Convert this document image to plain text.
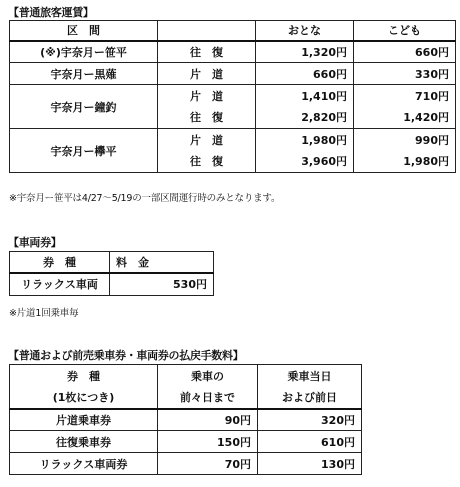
【普通旅客運賃】
区　間		おとな	こども
(※)宇奈月ー笹平	往　復	1,320円	660円
宇奈月ー黒薙	片　道	660円	330円
宇奈月ー鐘釣	片　道	1,410円	710円
	往　復	2,820円	1,420円
宇奈月ー欅平	片　道	1,980円	990円
	往　復	3,960円	1,980円
※宇奈月ー笹平は4/27〜5/19の一部区間運行時のみとなります。
【車両券】
券　種	料　金
リラックス車両	530円
※片道1回乗車毎
【普通および前売乗車券・車両券の払戻手数料】
券　種	乗車の	乗車当日
(1枚につき)	前々日まで	および前日
片道乗車券	90円	320円
往復乗車券	150円	610円
リラックス車両券	70円	130円
